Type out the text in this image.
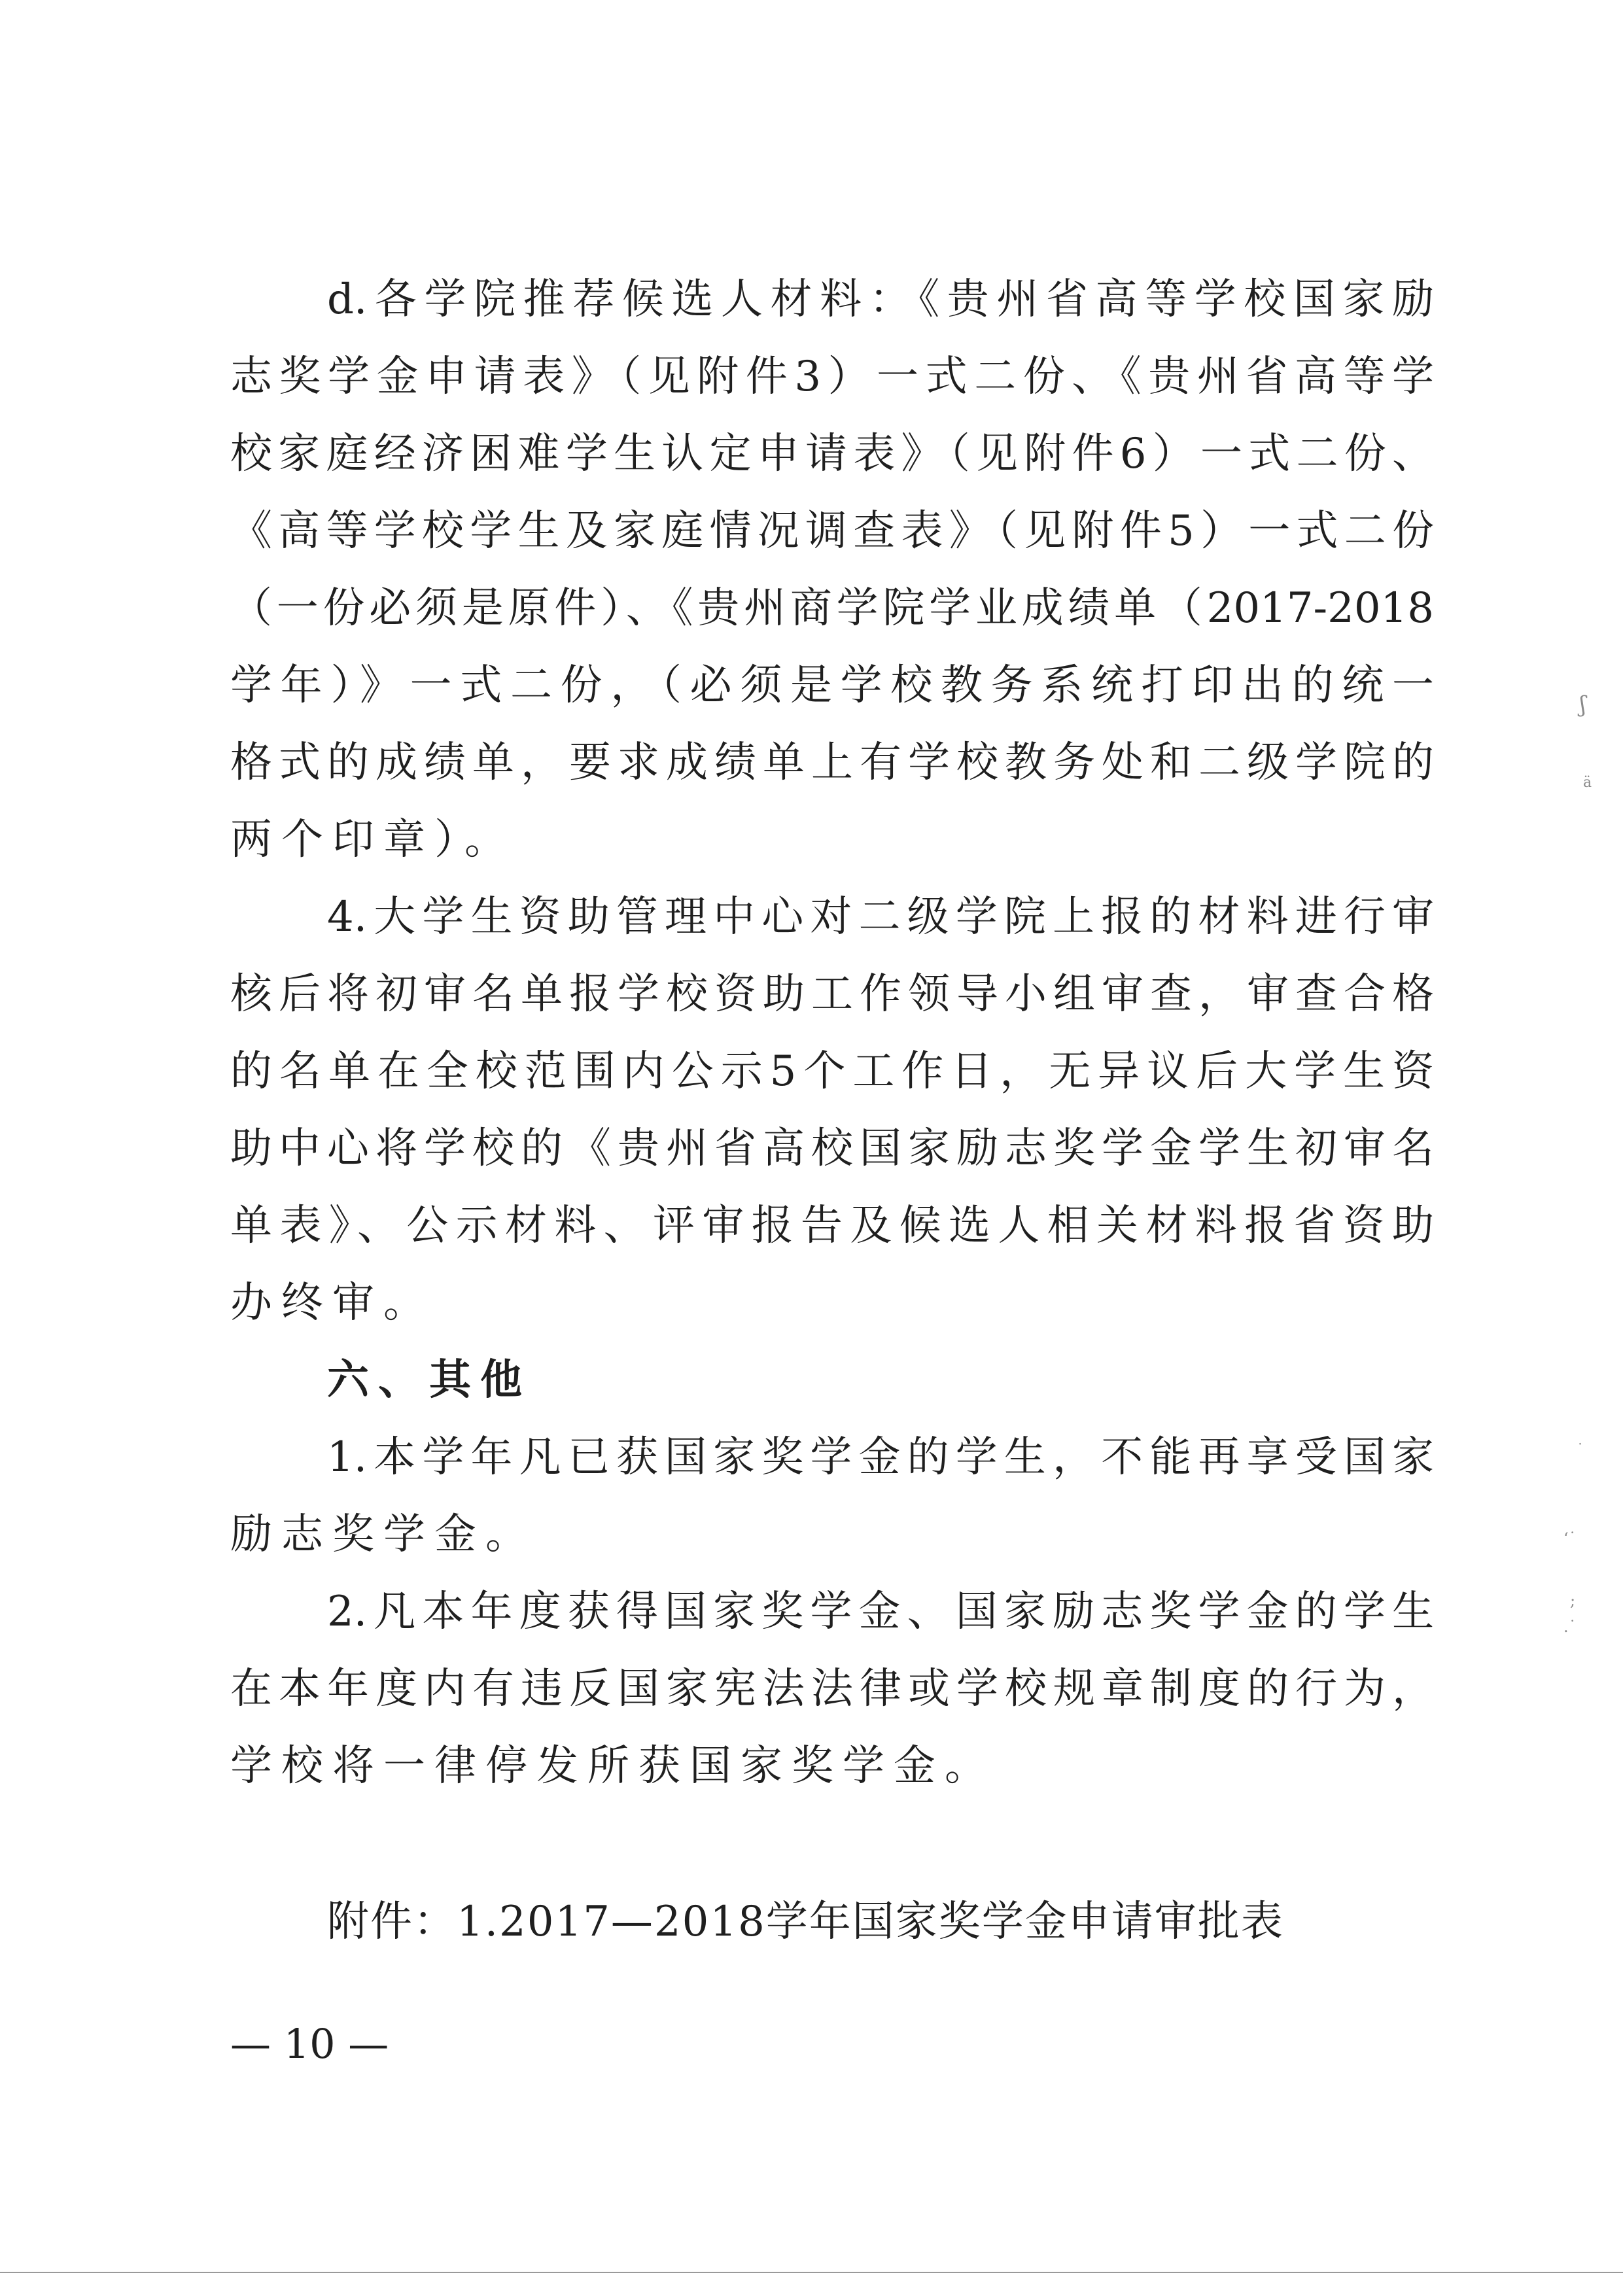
d.各学院推荐候选人材料：《贵州省高等学校国家励
志奖学金申请表》（见附件3）一式二份、《贵州省高等学
校家庭经济困难学生认定申请表》（见附件6）一式二份、
《高等学校学生及家庭情况调查表》（见附件5）一式二份
（一份必须是原件）、《贵州商学院学业成绩单（2017-2018
学年）》一式二份，（必须是学校教务系统打印出的统一
格式的成绩单，要求成绩单上有学校教务处和二级学院的
两个印章）。
4.大学生资助管理中心对二级学院上报的材料进行审
核后将初审名单报学校资助工作领导小组审查，审查合格
的名单在全校范围内公示5个工作日，无异议后大学生资
助中心将学校的《贵州省高校国家励志奖学金学生初审名
单表》、公示材料、评审报告及候选人相关材料报省资助
办终审。
六、其他
1.本学年凡已获国家奖学金的学生，不能再享受国家
励志奖学金。
2.凡本年度获得国家奖学金、国家励志奖学金的学生
在本年度内有违反国家宪法法律或学校规章制度的行为，
学校将一律停发所获国家奖学金。
附件：1.2017—2018学年国家奖学金申请审批表
— 10 —
ʃ
ä
˙
‘˙
;
.˙
